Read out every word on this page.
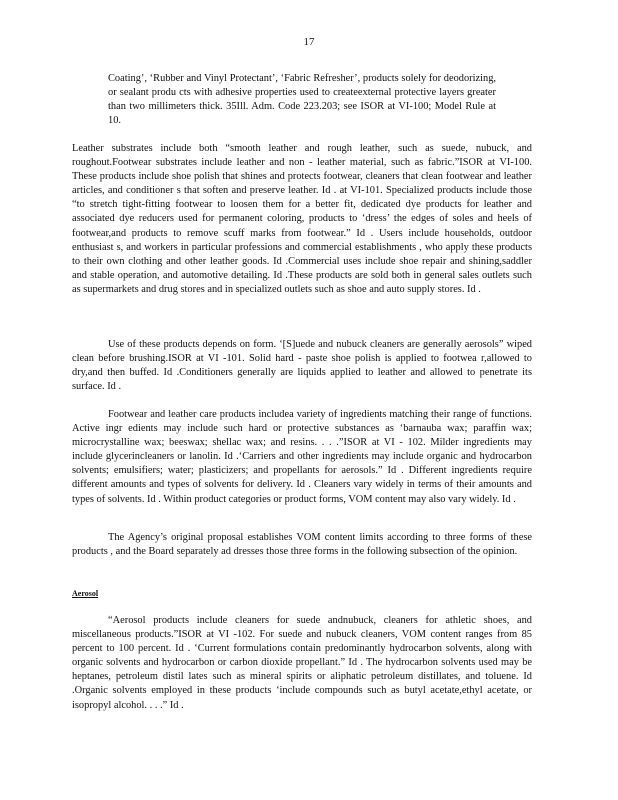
17

Coating’, ‘Rubber and Vinyl Protectant’, ‘Fabric Refresher’, products solely for deodorizing, or sealant produ cts with adhesive properties used to createexternal protective layers greater than two millimeters thick. 35Ill. Adm. Code 223.203; see ISOR at VI-100; Model Rule at 10.

Leather substrates include both “smooth leather and rough leather, such as suede, nubuck, and roughout.Footwear substrates include leather and non - leather material, such as fabric.”ISOR at VI-100. These products include shoe polish that shines and protects footwear, cleaners that clean footwear and leather articles, and conditioner s that soften and preserve leather. Id . at VI-101. Specialized products include those “to stretch tight-fitting footwear to loosen them for a better fit, dedicated dye products for leather and associated dye reducers used for permanent coloring, products to ‘dress’ the edges of soles and heels of footwear,and products to remove scuff marks from footwear.” Id . Users include households, outdoor enthusiast s, and workers in particular professions and commercial establishments , who apply these products to their own clothing and other leather goods. Id .Commercial uses include shoe repair and shining,saddler and stable operation, and automotive detailing. Id .These products are sold both in general sales outlets such as supermarkets and drug stores and in specialized outlets such as shoe and auto supply stores. Id .

Use of these products depends on form. ‘[S]uede and nubuck cleaners are generally aerosols” wiped clean before brushing.ISOR at VI -101. Solid hard - paste shoe polish is applied to footwea r,allowed to dry,and then buffed. Id .Conditioners generally are liquids applied to leather and allowed to penetrate its surface. Id .

Footwear and leather care products includea variety of ingredients matching their range of functions. Active ingr edients may include such hard or protective substances as ‘barnauba wax; paraffin wax; microcrystalline wax; beeswax; shellac wax; and resins. . . .”ISOR at VI - 102. Milder ingredients may include glycerincleaners or lanolin. Id .‘Carriers and other ingredients may include organic and hydrocarbon solvents; emulsifiers; water; plasticizers; and propellants for aerosols.” Id . Different ingredients require different amounts and types of solvents for delivery. Id . Cleaners vary widely in terms of their amounts and types of solvents. Id . Within product categories or product forms, VOM content may also vary widely. Id .

The Agency’s original proposal establishes VOM content limits according to three forms of these products , and the Board separately ad dresses those three forms in the following subsection of the opinion.

Aerosol

“Aerosol products include cleaners for suede andnubuck, cleaners for athletic shoes, and miscellaneous products.”ISOR at VI -102. For suede and nubuck cleaners, VOM content ranges from 85 percent to 100 percent. Id . ‘Current formulations contain predominantly hydrocarbon solvents, along with organic solvents and hydrocarbon or carbon dioxide propellant.” Id . The hydrocarbon solvents used may be heptanes, petroleum distil lates such as mineral spirits or aliphatic petroleum distillates, and toluene. Id .Organic solvents employed in these products ‘include compounds such as butyl acetate,ethyl acetate, or isopropyl alcohol. . . .” Id .
